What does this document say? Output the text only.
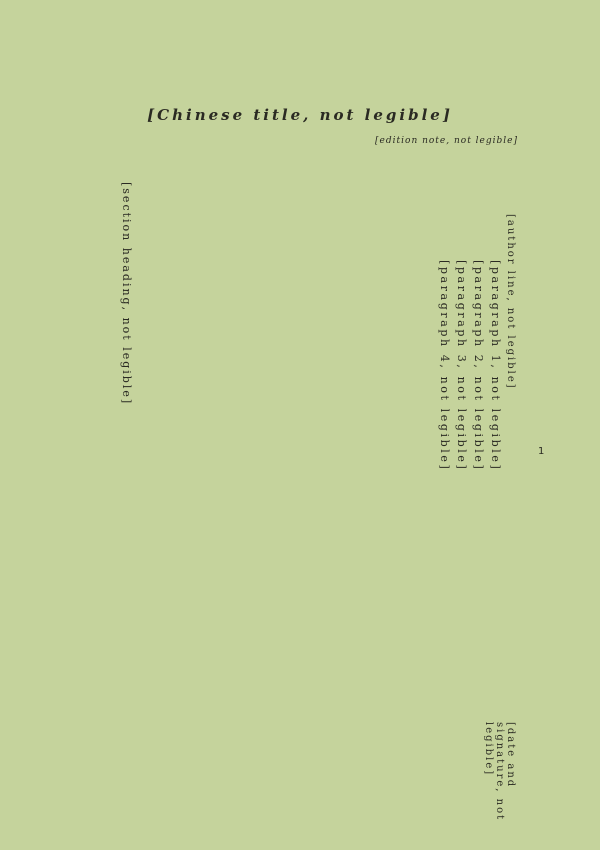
[Chinese title, not legible]
[edition note, not legible]
[section heading, not legible]	[author line, not legible]

[paragraph 1, not legible]

[paragraph 2, not legible]

[paragraph 3, not legible]

[paragraph 4, not legible]	1
[date and signature, not legible]
